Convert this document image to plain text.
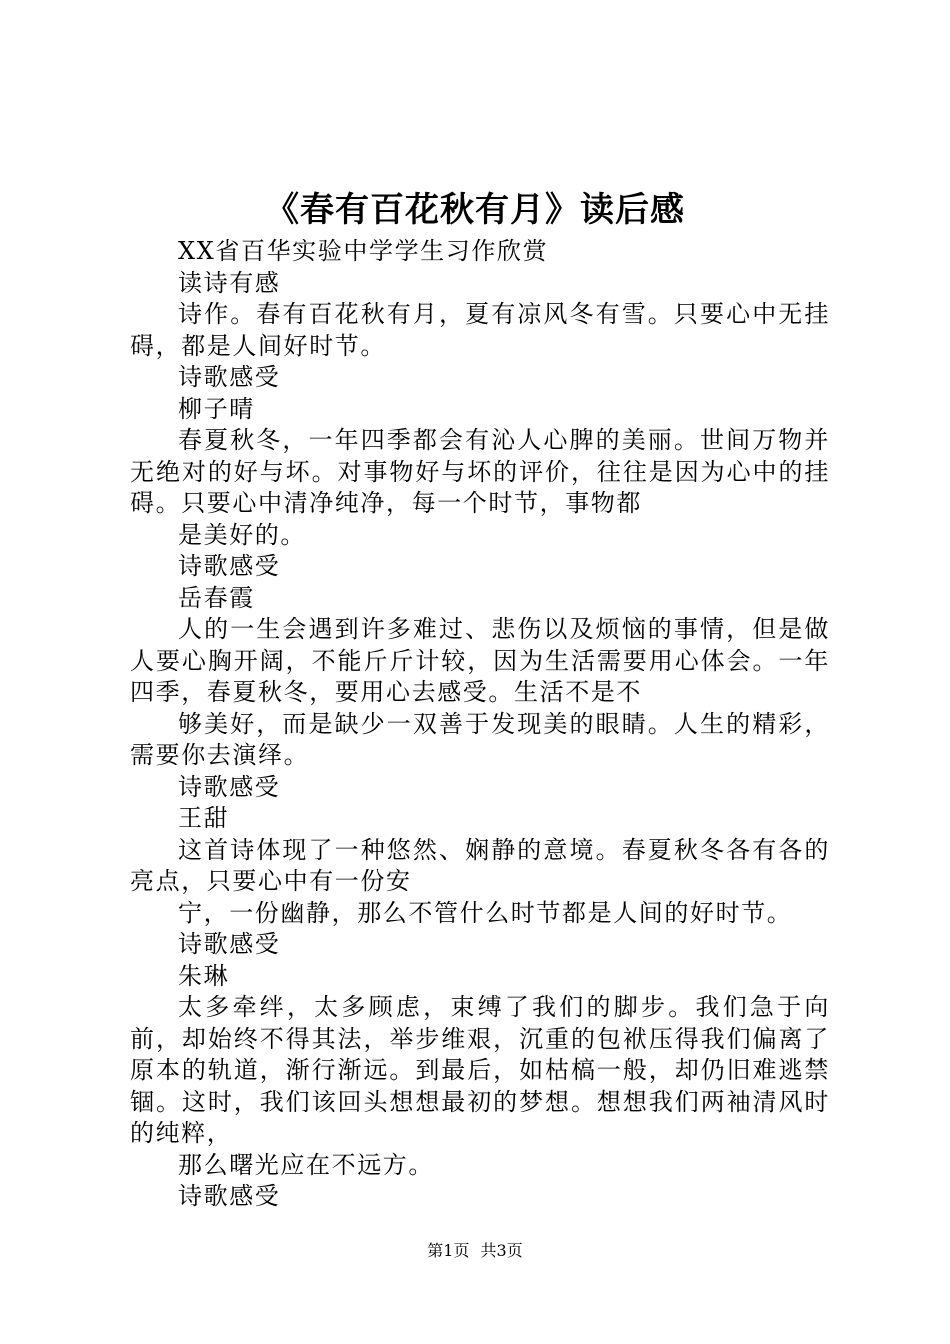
《春有百花秋有月》读后感

XX省百华实验中学学生习作欣赏

读诗有感

诗作。春有百花秋有月，夏有凉风冬有雪。只要心中无挂碍，都是人间好时节。

诗歌感受

柳子晴

春夏秋冬，一年四季都会有沁人心脾的美丽。世间万物并无绝对的好与坏。对事物好与坏的评价，往往是因为心中的挂碍。只要心中清净纯净，每一个时节，事物都

是美好的。

诗歌感受

岳春霞

人的一生会遇到许多难过、悲伤以及烦恼的事情，但是做人要心胸开阔，不能斤斤计较，因为生活需要用心体会。一年四季，春夏秋冬，要用心去感受。生活不是不

够美好，而是缺少一双善于发现美的眼睛。人生的精彩，需要你去演绎。

诗歌感受

王甜

这首诗体现了一种悠然、娴静的意境。春夏秋冬各有各的亮点，只要心中有一份安

宁，一份幽静，那么不管什么时节都是人间的好时节。

诗歌感受

朱琳

太多牵绊，太多顾虑，束缚了我们的脚步。我们急于向前，却始终不得其法，举步维艰，沉重的包袱压得我们偏离了原本的轨道，渐行渐远。到最后，如枯槁一般，却仍旧难逃禁锢。这时，我们该回头想想最初的梦想。想想我们两袖清风时的纯粹，

那么曙光应在不远方。

诗歌感受

第1页 共3页
